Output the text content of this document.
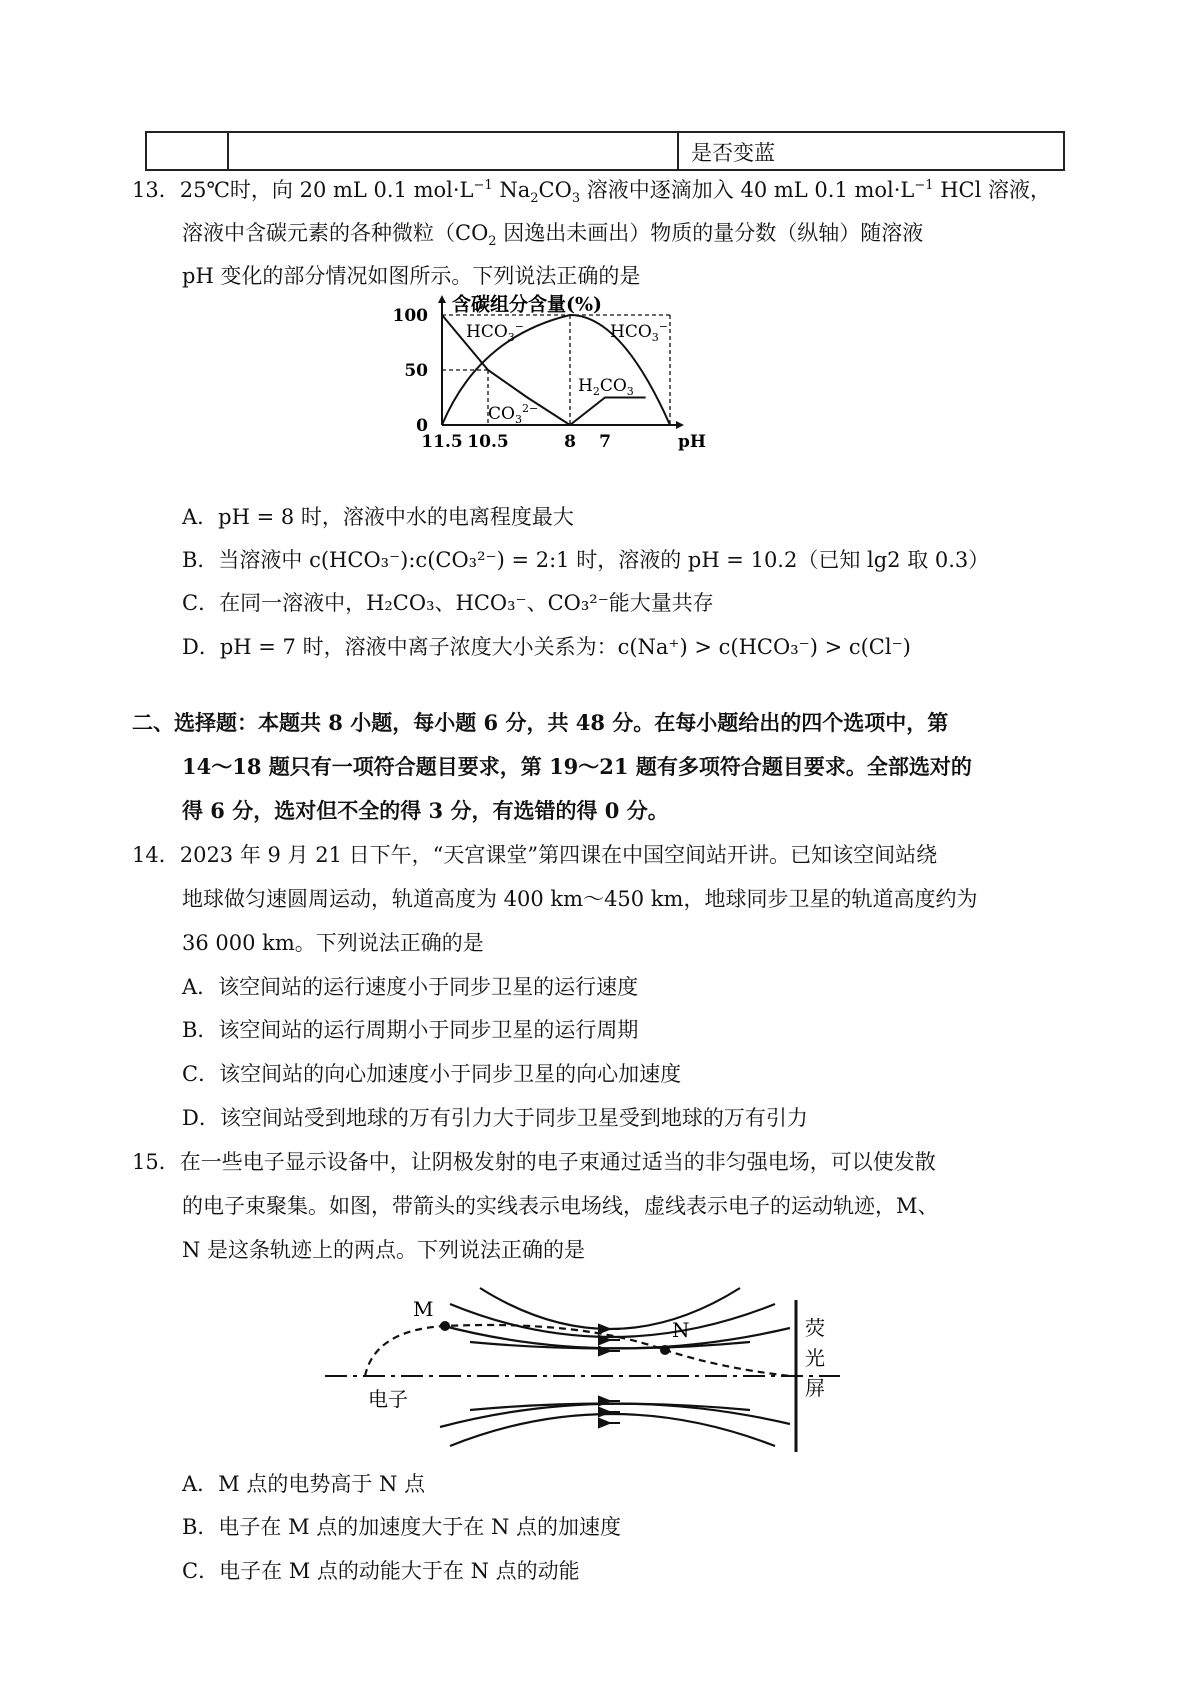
是否变蓝
13．25℃时，向 20 mL 0.1 $mol\cdot L^{-1}$ $Na_2CO_3$ 溶液中逐滴加入 40 mL 0.1 $mol\cdot L^{-1}$ HCl 溶液，
溶液中含碳元素的各种微粒（$CO_2$ 因逸出未画出）物质的量分数（纵轴）随溶液
pH 变化的部分情况如图所示。下列说法正确的是
0
50
100
11.5 10.5	8 7	pH
含碳组分含量(%)
$HCO_3^-$	$HCO_3^-$
$CO_3^{2-}$
$H_2CO_3$
A．pH = 8 时，溶液中水的电离程度最大
B．当溶液中 c(HCO₃⁻):c(CO₃²⁻) = 2:1 时，溶液的 pH = 10.2（已知 lg2 取 0.3）
C．在同一溶液中，H₂CO₃、HCO₃⁻、CO₃²⁻能大量共存
D．pH = 7 时，溶液中离子浓度大小关系为：c(Na⁺) > c(HCO₃⁻) > c(Cl⁻)
二、选择题：本题共 8 小题，每小题 6 分，共 48 分。在每小题给出的四个选项中，第
14～18 题只有一项符合题目要求，第 19～21 题有多项符合题目要求。全部选对的
得 6 分，选对但不全的得 3 分，有选错的得 0 分。
14．2023 年 9 月 21 日下午，“天宫课堂”第四课在中国空间站开讲。已知该空间站绕
地球做匀速圆周运动，轨道高度为 400 km～450 km，地球同步卫星的轨道高度约为
36 000 km。下列说法正确的是
A．该空间站的运行速度小于同步卫星的运行速度
B．该空间站的运行周期小于同步卫星的运行周期
C．该空间站的向心加速度小于同步卫星的向心加速度
D．该空间站受到地球的万有引力大于同步卫星受到地球的万有引力
15．在一些电子显示设备中，让阴极发射的电子束通过适当的非匀强电场，可以使发散
的电子束聚集。如图，带箭头的实线表示电场线，虚线表示电子的运动轨迹，M、
N 是这条轨迹上的两点。下列说法正确的是
M
N
电子
荧
光
屏
A．M 点的电势高于 N 点
B．电子在 M 点的加速度大于在 N 点的加速度
C．电子在 M 点的动能大于在 N 点的动能
